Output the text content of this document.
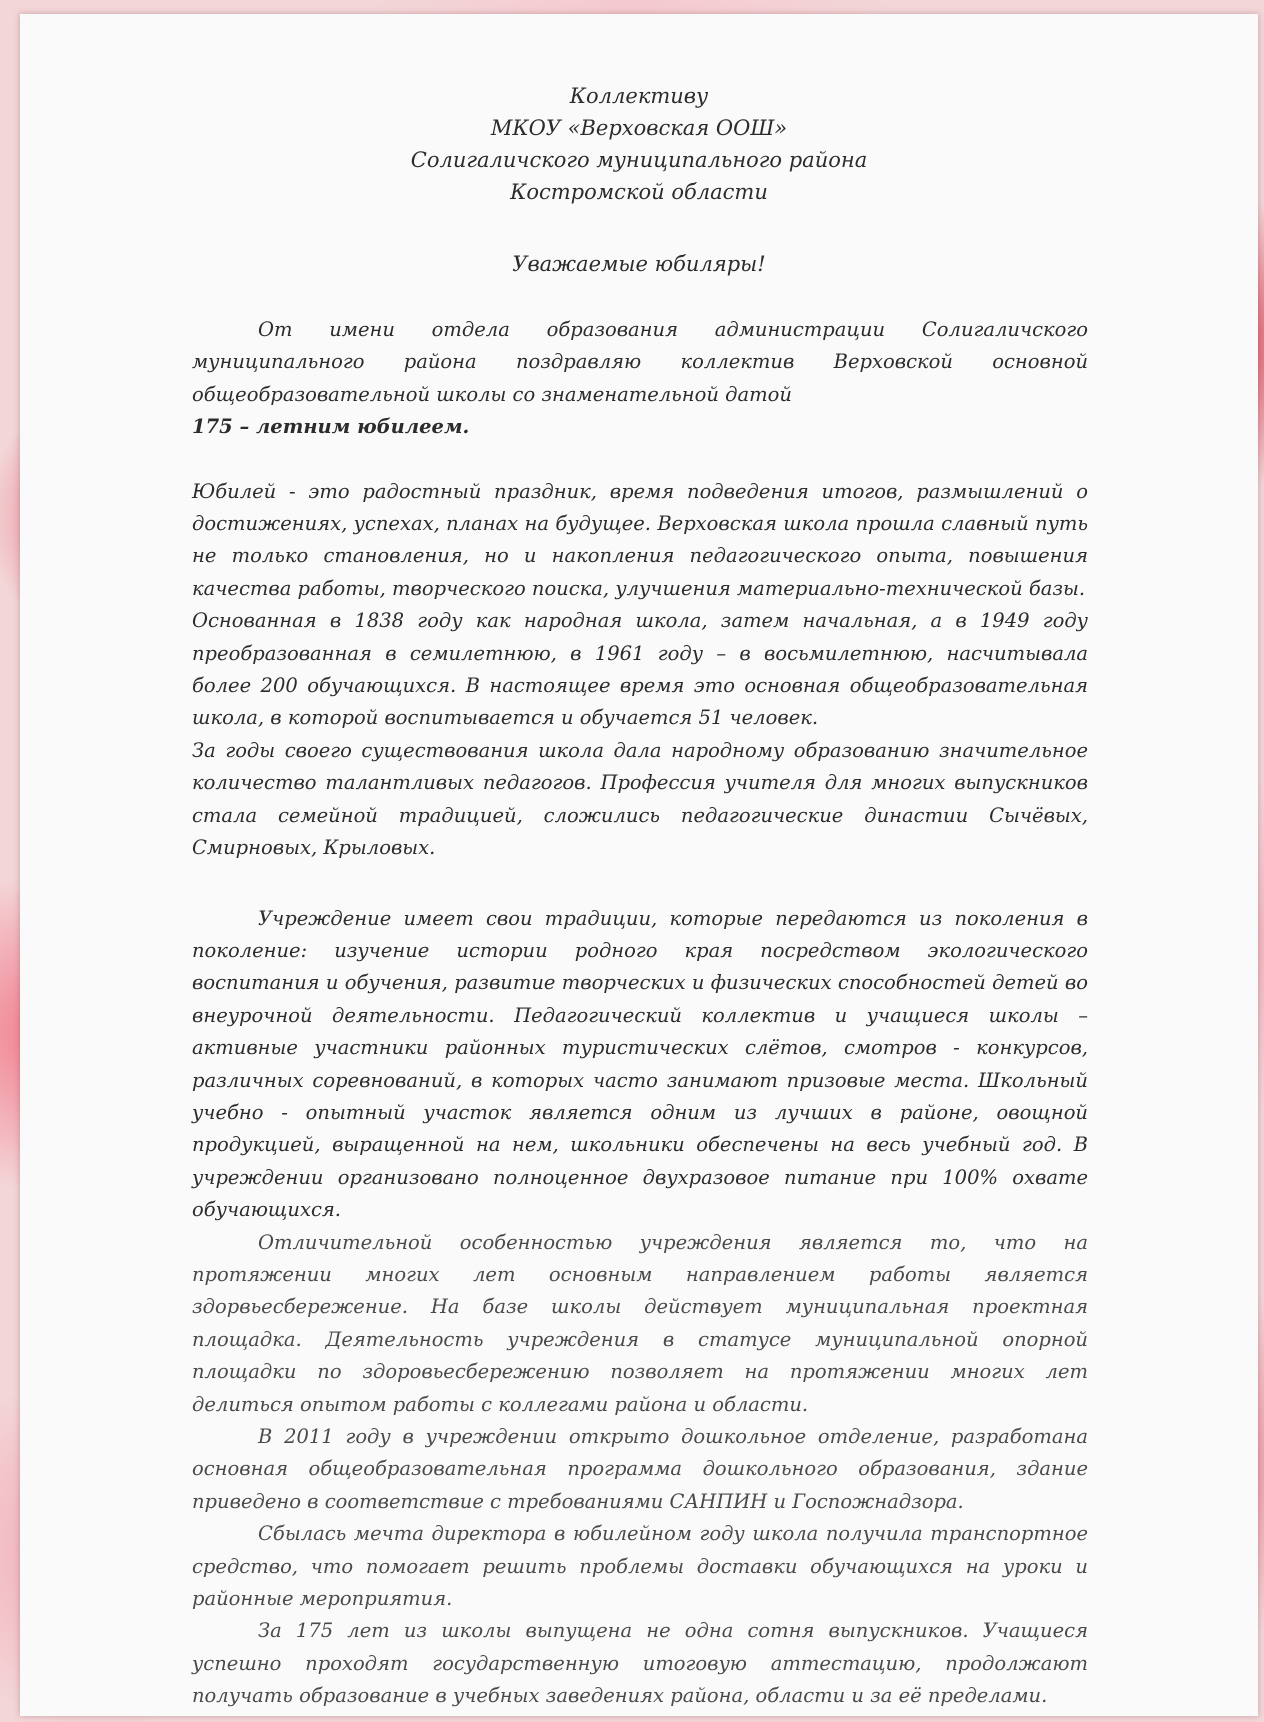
Коллективу
МКОУ «Верховская ООШ»
Солигаличского муниципального района
Костромской области
Уважаемые юбиляры!

От имени отдела образования администрации Солигаличского муниципального района поздравляю коллектив Верховской основной общеобразовательной школы со знаменательной датой

175 – летним юбилеем.

Юбилей - это радостный праздник, время подведения итогов, размышлений о достижениях, успехах, планах на будущее. Верховская школа прошла славный путь не только становления, но и накопления педагогического опыта, повышения качества работы, творческого поиска, улучшения материально-технической базы.

Основанная в 1838 году как народная школа, затем начальная, а в 1949 году преобразованная в семилетнюю, в 1961 году – в восьмилетнюю, насчитывала более 200 обучающихся. В настоящее время это основная общеобразовательная школа, в которой воспитывается и обучается 51 человек.

За годы своего существования школа дала народному образованию значительное количество талантливых педагогов. Профессия учителя для многих выпускников стала семейной традицией, сложились педагогические династии Сычёвых, Смирновых, Крыловых.

Учреждение имеет свои традиции, которые передаются из поколения в поколение: изучение истории родного края посредством экологического воспитания и обучения, развитие творческих и физических способностей детей во внеурочной деятельности. Педагогический коллектив и учащиеся школы – активные участники районных туристических слётов, смотров - конкурсов, различных соревнований, в которых часто занимают призовые места. Школьный учебно - опытный участок является одним из лучших в районе, овощной продукцией, выращенной на нем, школьники обеспечены на весь учебный год. В учреждении организовано полноценное двухразовое питание при 100% охвате обучающихся.

Отличительной особенностью учреждения является то, что на протяжении многих лет основным направлением работы является здорвьесбережение. На базе школы действует муниципальная проектная площадка. Деятельность учреждения в статусе муниципальной опорной площадки по здоровьесбережению позволяет на протяжении многих лет делиться опытом работы с коллегами района и области.

В 2011 году в учреждении открыто дошкольное отделение, разработана основная общеобразовательная программа дошкольного образования, здание приведено в соответствие с требованиями САНПИН и Госпожнадзора.

Сбылась мечта директора в юбилейном году школа получила транспортное средство, что помогает решить проблемы доставки обучающихся на уроки и районные мероприятия.

За 175 лет из школы выпущена не одна сотня выпускников. Учащиеся успешно проходят государственную итоговую аттестацию, продолжают получать образование в учебных заведениях района, области и за её пределами.
